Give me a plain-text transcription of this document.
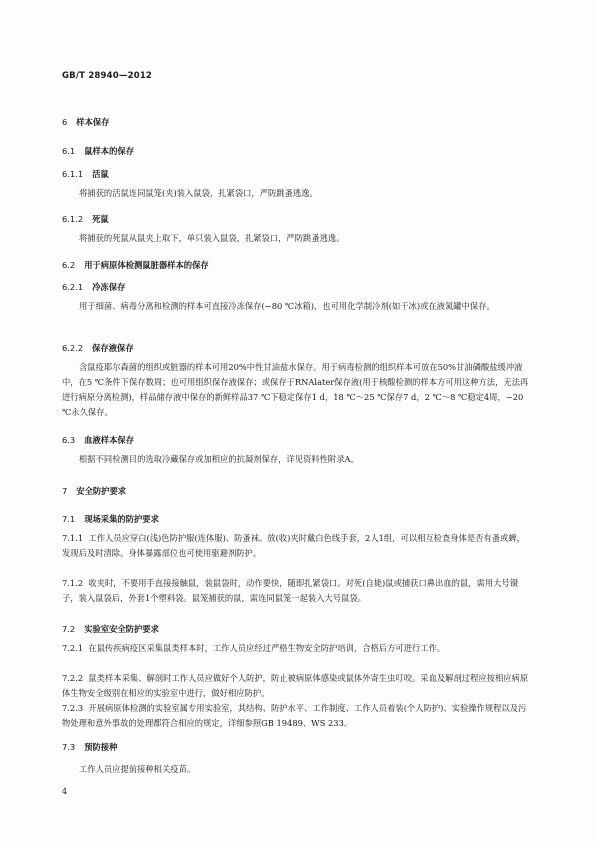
GB/T 28940—2012
6 样本保存
6.1 鼠样本的保存
6.1.1 活鼠
将捕获的活鼠连同鼠笼(夹)装入鼠袋，扎紧袋口，严防跳蚤逃逸。
6.1.2 死鼠
将捕获的死鼠从鼠夹上取下，单只装入鼠袋，扎紧袋口，严防跳蚤逃逸。
6.2 用于病原体检测鼠脏器样本的保存
6.2.1 冷冻保存
用于细菌、病毒分离和检测的样本可直接冷冻保存(−80 ℃冰箱)，也可用化学制冷剂(如干冰)或在液氮罐中保存。
6.2.2 保存液保存
含鼠疫耶尔森菌的组织或脏器的样本可用20%中性甘油盐水保存。用于病毒检测的组织样本可放在50%甘油磷酸盐缓冲液中，在5 ℃条件下保存数周；也可用组织保存液保存；或保存于RNAlater保存液(用于核酸检测的样本方可用这种方法，无法再进行病原分离检测)，样品储存液中保存的新鲜样品37 ℃下稳定保存1 d，18 ℃～25 ℃保存7 d，2 ℃～8 ℃稳定4周，−20 ℃永久保存。
6.3 血液样本保存
根据不同检测目的选取冷藏保存或加相应的抗凝剂保存，详见资料性附录A。
7 安全防护要求
7.1 现场采集的防护要求
7.1.1 工作人员应穿白(浅)色防护服(连体服)、防蚤袜。放(收)夹时戴白色线手套，2人1组，可以相互检查身体是否有蚤或蜱，发现后及时清除。身体暴露部位也可使用驱避剂防护。
7.1.2 收夹时，不要用手直接接触鼠，装鼠袋时，动作要快，随即扎紧袋口。对死(自毙)鼠或捕获口鼻出血的鼠，需用大号镊子，装入鼠袋后，外套1个塑料袋。鼠笼捕获的鼠，需连同鼠笼一起装入大号鼠袋。
7.2 实验室安全防护要求
7.2.1 在鼠传疾病疫区采集鼠类样本时，工作人员应经过严格生物安全防护培训，合格后方可进行工作。
7.2.2 鼠类样本采集、解剖时工作人员应做好个人防护，防止被病原体感染或鼠体外寄生虫叮咬。采血及解剖过程应按相应病原体生物安全级别在相应的实验室中进行，做好相应防护。
7.2.3 开展病原体检测的实验室属专用实验室，其结构、防护水平、工作制度、工作人员着装(个人防护)、实验操作规程以及污物处理和意外事故的处理都符合相应的规定，详细参照GB 19489、WS 233。
7.3 预防接种
工作人员应提前接种相关疫苗。
4
